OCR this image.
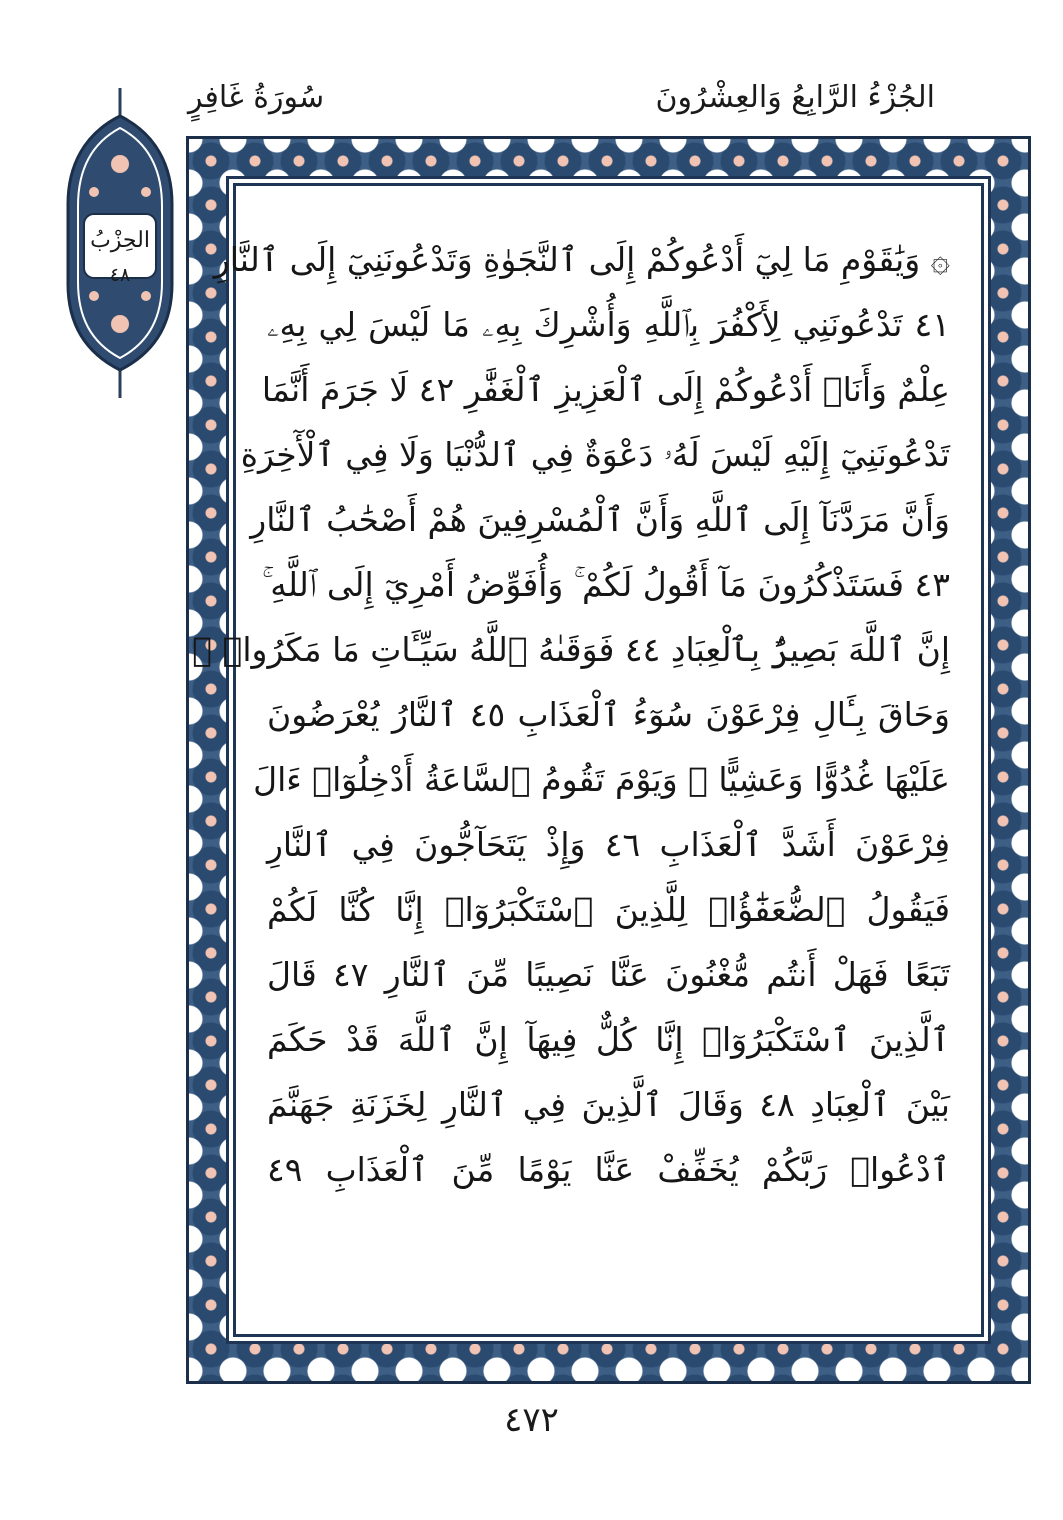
الجُزْءُ الرَّابِعُ وَالعِشْرُونَ
سُورَةُ غَافِرٍ
الحِزْبُ
٤٨	۞ وَيَٰقَوْمِ مَا لِيٓ أَدْعُوكُمْ إِلَى ٱلنَّجَوٰةِ وَتَدْعُونَنِيٓ إِلَى ٱلنَّارِ
٤١ تَدْعُونَنِي لِأَكْفُرَ بِٱللَّهِ وَأُشْرِكَ بِهِۦ مَا لَيْسَ لِي بِهِۦ
عِلْمٌ وَأَنَا۠ أَدْعُوكُمْ إِلَى ٱلْعَزِيزِ ٱلْغَفَّٰرِ ٤٢ لَا جَرَمَ أَنَّمَا
تَدْعُونَنِيٓ إِلَيْهِ لَيْسَ لَهُۥ دَعْوَةٌ فِي ٱلدُّنْيَا وَلَا فِي ٱلْأٓخِرَةِ
وَأَنَّ مَرَدَّنَآ إِلَى ٱللَّهِ وَأَنَّ ٱلْمُسْرِفِينَ هُمْ أَصْحَٰبُ ٱلنَّارِ
٤٣ فَسَتَذْكُرُونَ مَآ أَقُولُ لَكُمْ ۚ وَأُفَوِّضُ أَمْرِيٓ إِلَى ٱللَّهِ ۚ
إِنَّ ٱللَّهَ بَصِيرٌۢ بِٱلْعِبَادِ ٤٤ فَوَقَىٰهُ ٱللَّهُ سَيِّـَٔاتِ مَا مَكَرُوا۟ ۖ
وَحَاقَ بِـَٔالِ فِرْعَوْنَ سُوٓءُ ٱلْعَذَابِ ٤٥ ٱلنَّارُ يُعْرَضُونَ
عَلَيْهَا غُدُوًّا وَعَشِيًّا ۖ وَيَوْمَ تَقُومُ ٱلسَّاعَةُ أَدْخِلُوٓا۟ ءَالَ
فِرْعَوْنَ أَشَدَّ ٱلْعَذَابِ ٤٦ وَإِذْ يَتَحَآجُّونَ فِي ٱلنَّارِ
فَيَقُولُ ٱلضُّعَفَٰٓؤُا۟ لِلَّذِينَ ٱسْتَكْبَرُوٓا۟ إِنَّا كُنَّا لَكُمْ
تَبَعًا فَهَلْ أَنتُم مُّغْنُونَ عَنَّا نَصِيبًا مِّنَ ٱلنَّارِ ٤٧ قَالَ
ٱلَّذِينَ ٱسْتَكْبَرُوٓا۟ إِنَّا كُلٌّ فِيهَآ إِنَّ ٱللَّهَ قَدْ حَكَمَ
بَيْنَ ٱلْعِبَادِ ٤٨ وَقَالَ ٱلَّذِينَ فِي ٱلنَّارِ لِخَزَنَةِ جَهَنَّمَ
ٱدْعُوا۟ رَبَّكُمْ يُخَفِّفْ عَنَّا يَوْمًا مِّنَ ٱلْعَذَابِ ٤٩
٤٧٢
